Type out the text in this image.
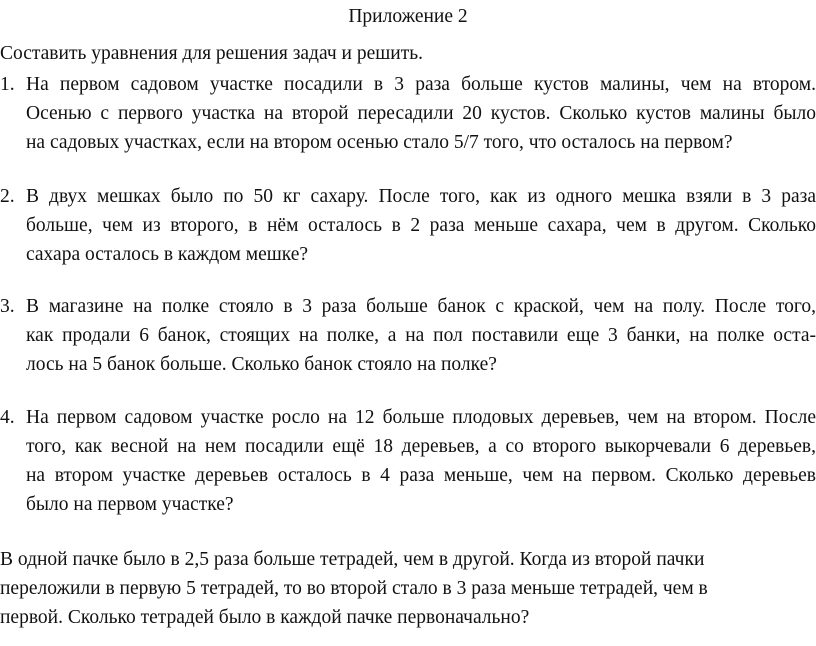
Приложение 2
Составить уравнения для решения задач и решить.
1. На первом садовом участке посадили в 3 раза больше кустов малины, чем на втором.
Осенью с первого участка на второй пересадили 20 кустов. Сколько кустов малины было
на садовых участках, если на втором осенью стало 5/7 того, что осталось на первом?
2. В двух мешках было по 50 кг сахару. После того, как из одного мешка взяли в 3 раза
больше, чем из второго, в нём осталось в 2 раза меньше сахара, чем в другом. Сколько
сахара осталось в каждом мешке?
3. В магазине на полке стояло в 3 раза больше банок с краской, чем на полу. После того,
как продали 6 банок, стоящих на полке, а на пол поставили еще 3 банки, на полке оста-
лось на 5 банок больше. Сколько банок стояло на полке?
4. На первом садовом участке росло на 12 больше плодовых деревьев, чем на втором. После
того, как весной на нем посадили ещё 18 деревьев, а со второго выкорчевали 6 деревьев,
на втором участке деревьев осталось в 4 раза меньше, чем на первом. Сколько деревьев
было на первом участке?
В одной пачке было в 2,5 раза больше тетрадей, чем в другой. Когда из второй пачки
переложили в первую 5 тетрадей, то во второй стало в 3 раза меньше тетрадей, чем в
первой. Сколько тетрадей было в каждой пачке первоначально?
